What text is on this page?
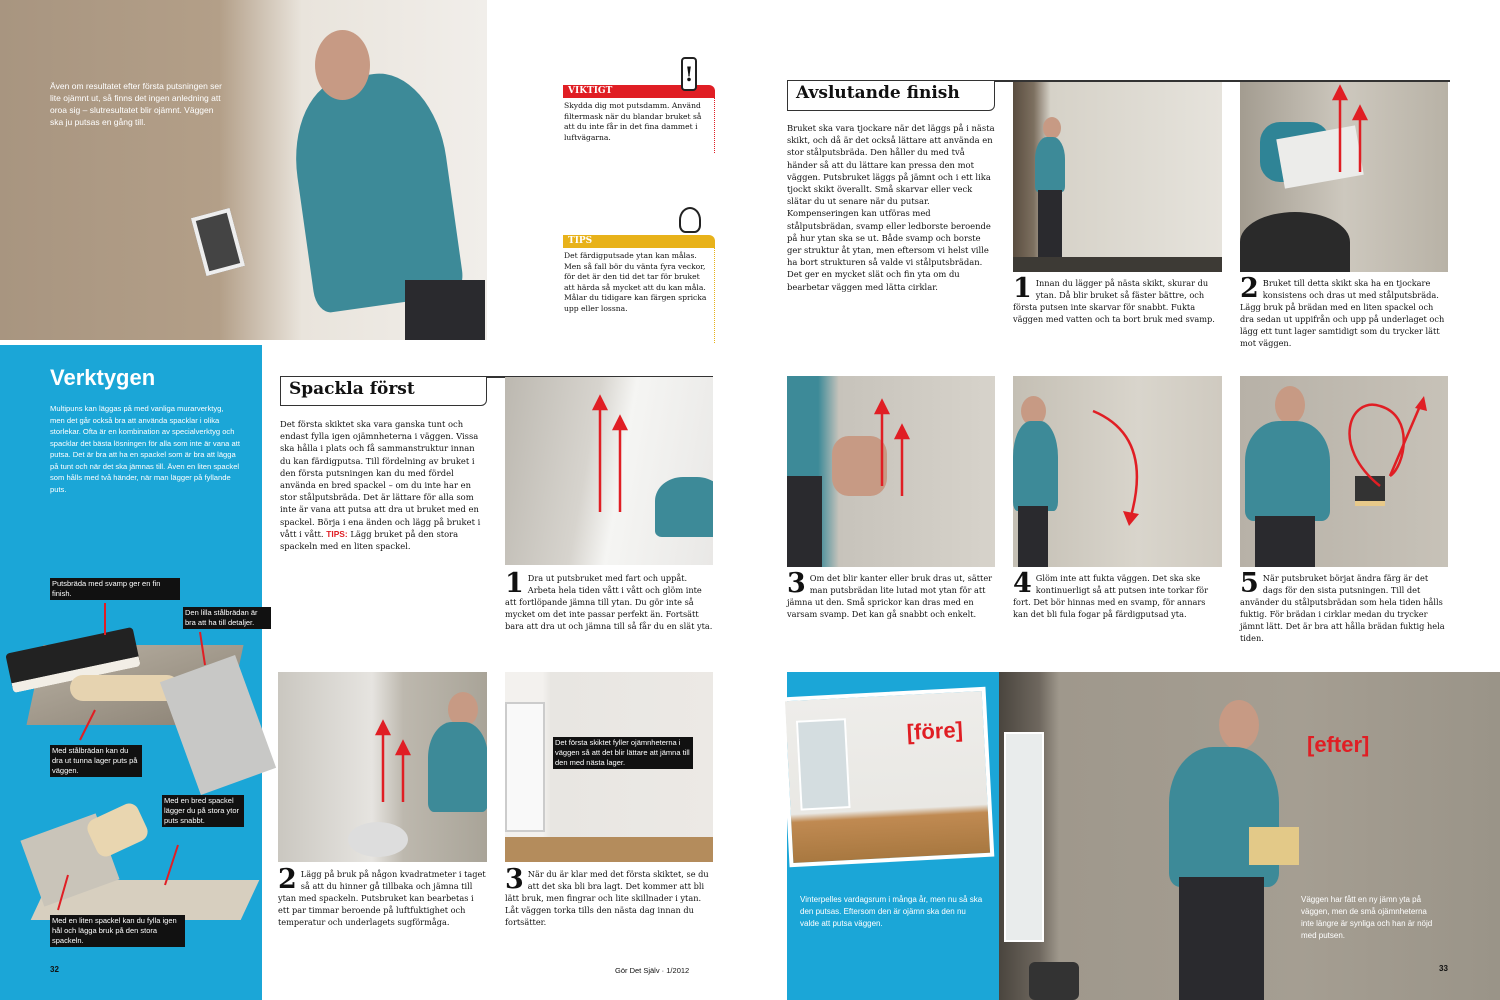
Även om resultatet efter första putsningen ser lite ojämnt ut, så finns det ingen anledning att oroa sig – slutresultatet blir ojämnt. Väggen ska ju putsas en gång till.

VIKTIGT
!

Skydda dig mot putsdamm. Använd filtermask när du blandar bruket så att du inte får in det fina dammet i luftvägarna.

TIPS

Det färdigputsade ytan kan målas. Men så fall bör du vänta fyra veckor, för det är den tid det tar för bruket att härda så mycket att du kan måla. Målar du tidigare kan färgen spricka upp eller lossna.

Verktygen

Multipuns kan läggas på med vanliga murarverktyg, men det går också bra att använda spacklar i olika storlekar. Ofta är en kombination av specialverktyg och spacklar det bästa lösningen för alla som inte är vana att putsa. Det är bra att ha en spackel som är bra att lägga på tunt och när det ska jämnas till. Även en liten spackel som hålls med två händer, när man lägger på fyllande puts.

Putsbräda med svamp ger en fin finish.
Den lilla stålbrädan är bra att ha till detaljer.
Med stålbrädan kan du dra ut tunna lager puts på väggen.
Med en bred spackel lägger du på stora ytor puts snabbt.
Med en liten spackel kan du fylla igen hål och lägga bruk på den stora spackeln.
32
Spackla först
Det första skiktet ska vara ganska tunt och endast fylla igen ojämnheterna i väggen. Vissa ska hålla i plats och få sammanstruktur innan du kan färdigputsa. Till fördelning av bruket i den första putsningen kan du med fördel använda en bred spackel – om du inte har en stor stålputsbräda. Det är lättare för alla som inte är vana att putsa att dra ut bruket med en spackel. Börja i ena änden och lägg på bruket i vått i vått. TIPS: Lägg bruket på den stora spackeln med en liten spackel.
1 Dra ut putsbruket med fart och uppåt. Arbeta hela tiden vått i vått och glöm inte att fortlöpande jämna till ytan. Du gör inte så mycket om det inte passar perfekt än. Fortsätt bara att dra ut och jämna till så får du en slät yta.
2 Lägg på bruk på någon kvadratmeter i taget så att du hinner gå tillbaka och jämna till ytan med spackeln. Putsbruket kan bearbetas i ett par timmar beroende på luftfuktighet och temperatur och underlagets sugförmåga.
Det första skiktet fyller ojämnheterna i väggen så att det blir lättare att jämna till den med nästa lager.
3 När du är klar med det första skiktet, se du att det ska bli bra lagt. Det kommer att bli lätt bruk, men fingrar och lite skillnader i ytan. Låt väggen torka tills den nästa dag innan du fortsätter.
Gör Det Själv · 1/2012
Avslutande finish

Bruket ska vara tjockare när det läggs på i nästa skikt, och då är det också lättare att använda en stor stålputsbräda. Den håller du med två händer så att du lättare kan pressa den mot väggen. Putsbruket läggs på jämnt och i ett lika tjockt skikt överallt. Små skarvar eller veck slätar du ut senare när du putsar. Kompenseringen kan utföras med stålputsbrädan, svamp eller ledborste beroende på hur ytan ska se ut. Både svamp och borste ger struktur åt ytan, men eftersom vi helst ville ha bort strukturen så valde vi stålputsbrädan. Det ger en mycket slät och fin yta om du bearbetar väggen med lätta cirklar.	1 Innan du lägger på nästa skikt, skurar du ytan. Då blir bruket så fäster bättre, och första putsen inte skarvar för snabbt. Fukta väggen med vatten och ta bort bruk med svamp.
2 Bruket till detta skikt ska ha en tjockare konsistens och dras ut med stålputsbräda. Lägg bruk på brädan med en liten spackel och dra sedan ut uppifrån och upp på underlaget och lägg ett tunt lager samtidigt som du trycker lätt mot väggen.
3 Om det blir kanter eller bruk dras ut, sätter man putsbrädan lite lutad mot ytan för att jämna ut den. Små sprickor kan dras med en varsam svamp. Det kan gå snabbt och enkelt.
4 Glöm inte att fukta väggen. Det ska ske kontinuerligt så att putsen inte torkar för fort. Det bör hinnas med en svamp, för annars kan det bli fula fogar på färdigputsad yta.
5 När putsbruket börjat ändra färg är det dags för den sista putsningen. Till det använder du stålputsbrädan som hela tiden hålls fuktig. För brädan i cirklar medan du trycker jämnt lätt. Det är bra att hålla brädan fuktig hela tiden.
[före]

Vinterpelles vardagsrum i många år, men nu så ska den putsas. Eftersom den är ojämn ska den nu valde att putsa väggen.

[efter]

Väggen har fått en ny jämn yta på väggen, men de små ojämnheterna inte längre är synliga och han är nöjd med putsen.

33
